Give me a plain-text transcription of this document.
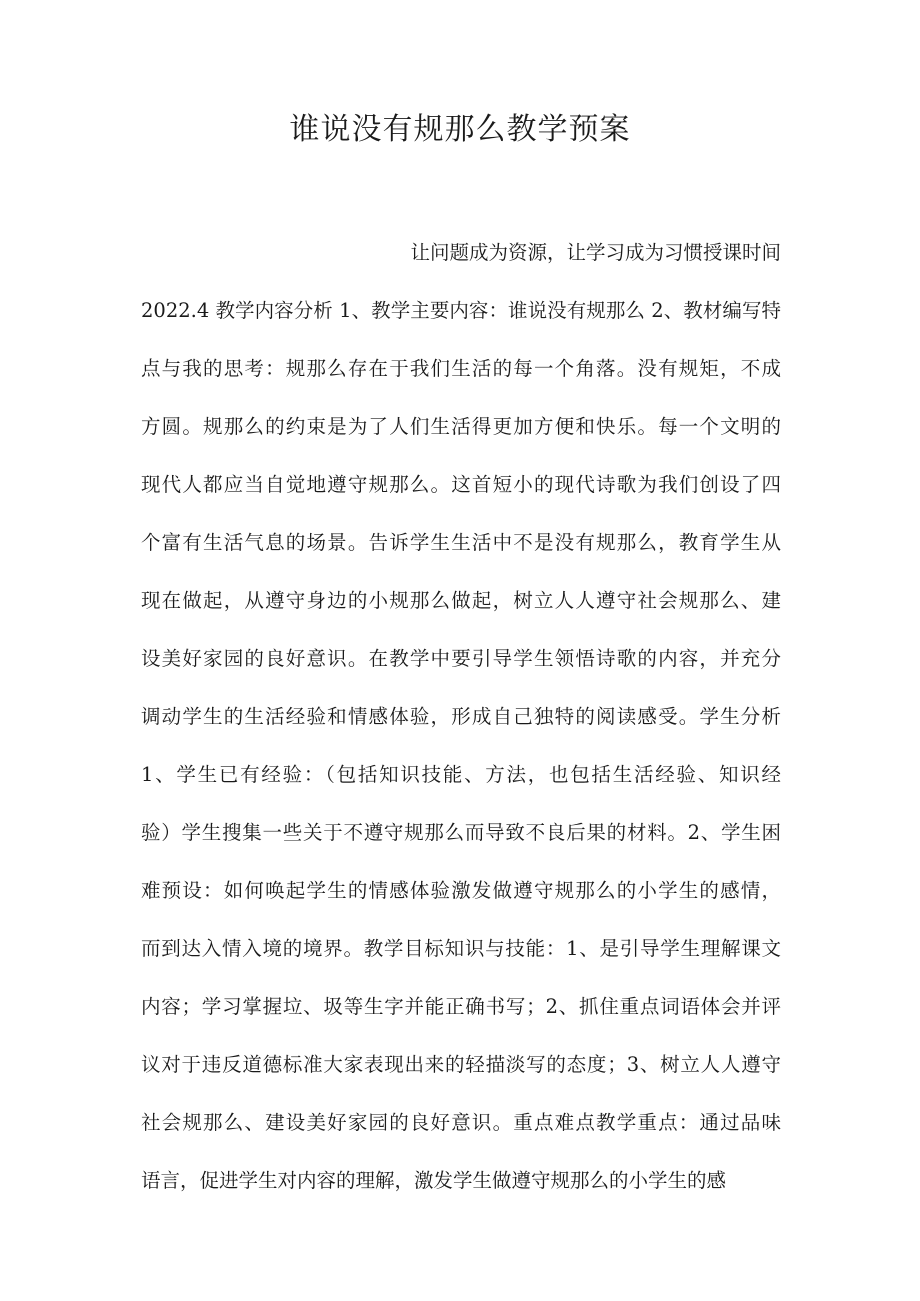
谁说没有规那么教学预案
让问题成为资源，让学习成为习惯授课时间
2022.4 教学内容分析 1、教学主要内容：谁说没有规那么 2、教材编写特
点与我的思考：规那么存在于我们生活的每一个角落。没有规矩，不成
方圆。规那么的约束是为了人们生活得更加方便和快乐。每一个文明的
现代人都应当自觉地遵守规那么。这首短小的现代诗歌为我们创设了四
个富有生活气息的场景。告诉学生生活中不是没有规那么，教育学生从
现在做起，从遵守身边的小规那么做起，树立人人遵守社会规那么、建
设美好家园的良好意识。在教学中要引导学生领悟诗歌的内容，并充分
调动学生的生活经验和情感体验，形成自己独特的阅读感受。学生分析
1、学生已有经验：（包括知识技能、方法，也包括生活经验、知识经
验）学生搜集一些关于不遵守规那么而导致不良后果的材料。2、学生困
难预设：如何唤起学生的情感体验激发做遵守规那么的小学生的感情，
而到达入情入境的境界。教学目标知识与技能：1、是引导学生理解课文
内容；学习掌握垃、圾等生字并能正确书写；2、抓住重点词语体会并评
议对于违反道德标准大家表现出来的轻描淡写的态度；3、树立人人遵守
社会规那么、建设美好家园的良好意识。重点难点教学重点：通过品味
语言，促进学生对内容的理解，激发学生做遵守规那么的小学生的感
